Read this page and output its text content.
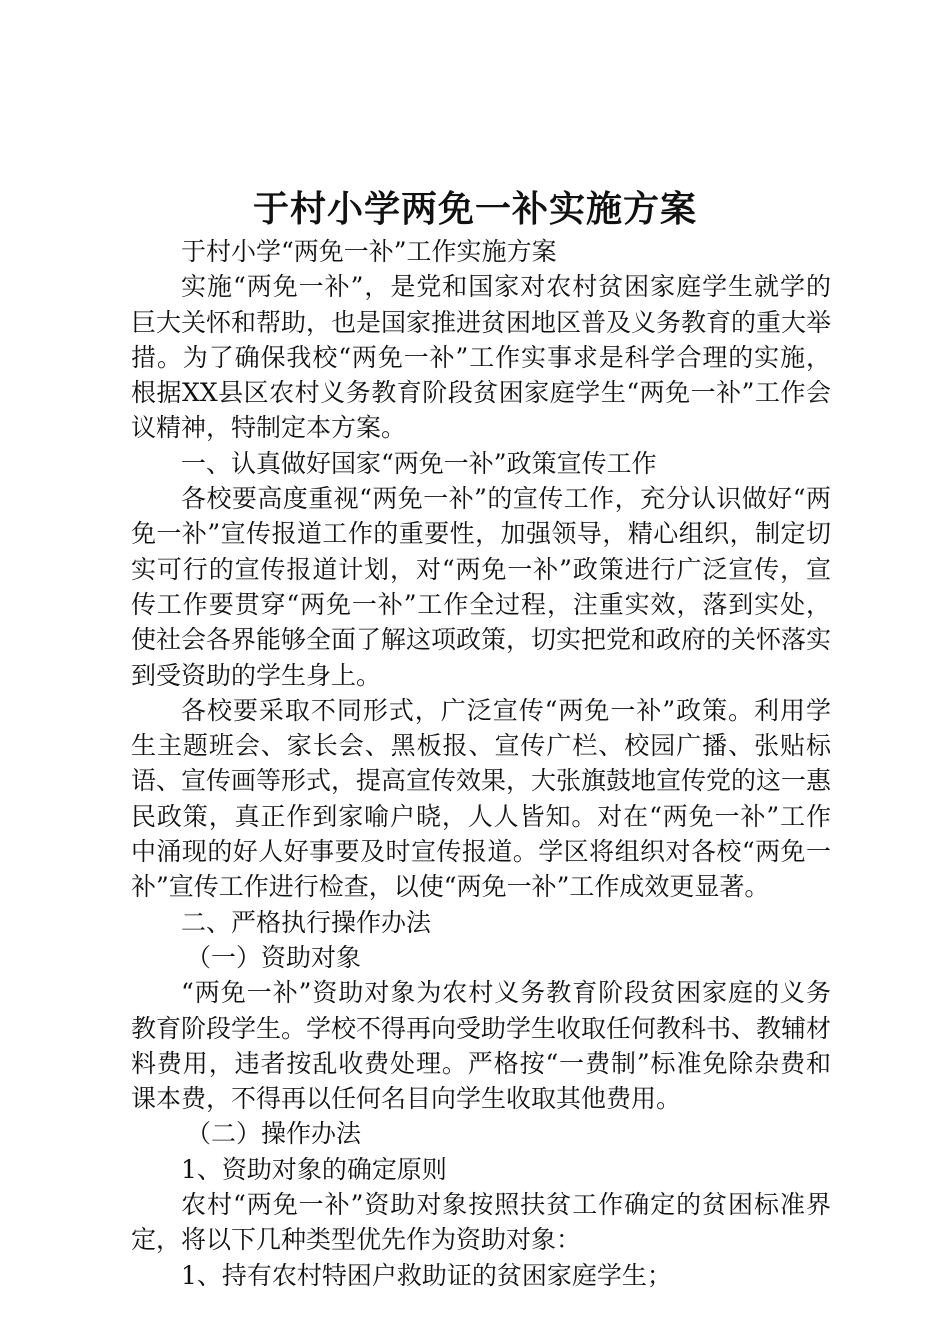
于村小学两免一补实施方案

于村小学“两免一补”工作实施方案

实施“两免一补”，是党和国家对农村贫困家庭学生就学的巨大关怀和帮助，也是国家推进贫困地区普及义务教育的重大举措。为了确保我校“两免一补”工作实事求是科学合理的实施，根据XX县区农村义务教育阶段贫困家庭学生“两免一补”工作会议精神，特制定本方案。

一、认真做好国家“两免一补”政策宣传工作

各校要高度重视“两免一补”的宣传工作，充分认识做好“两免一补”宣传报道工作的重要性，加强领导，精心组织，制定切实可行的宣传报道计划，对“两免一补”政策进行广泛宣传，宣传工作要贯穿“两免一补”工作全过程，注重实效，落到实处，使社会各界能够全面了解这项政策，切实把党和政府的关怀落实到受资助的学生身上。

各校要采取不同形式，广泛宣传“两免一补”政策。利用学生主题班会、家长会、黑板报、宣传广栏、校园广播、张贴标语、宣传画等形式，提高宣传效果，大张旗鼓地宣传党的这一惠民政策，真正作到家喻户晓，人人皆知。对在“两免一补”工作中涌现的好人好事要及时宣传报道。学区将组织对各校“两免一补”宣传工作进行检查，以使“两免一补”工作成效更显著。

二、严格执行操作办法

（一）资助对象

“两免一补”资助对象为农村义务教育阶段贫困家庭的义务教育阶段学生。学校不得再向受助学生收取任何教科书、教辅材料费用，违者按乱收费处理。严格按“一费制”标准免除杂费和课本费，不得再以任何名目向学生收取其他费用。

（二）操作办法

1、资助对象的确定原则

农村“两免一补”资助对象按照扶贫工作确定的贫困标准界定，将以下几种类型优先作为资助对象：

1、持有农村特困户救助证的贫困家庭学生；
